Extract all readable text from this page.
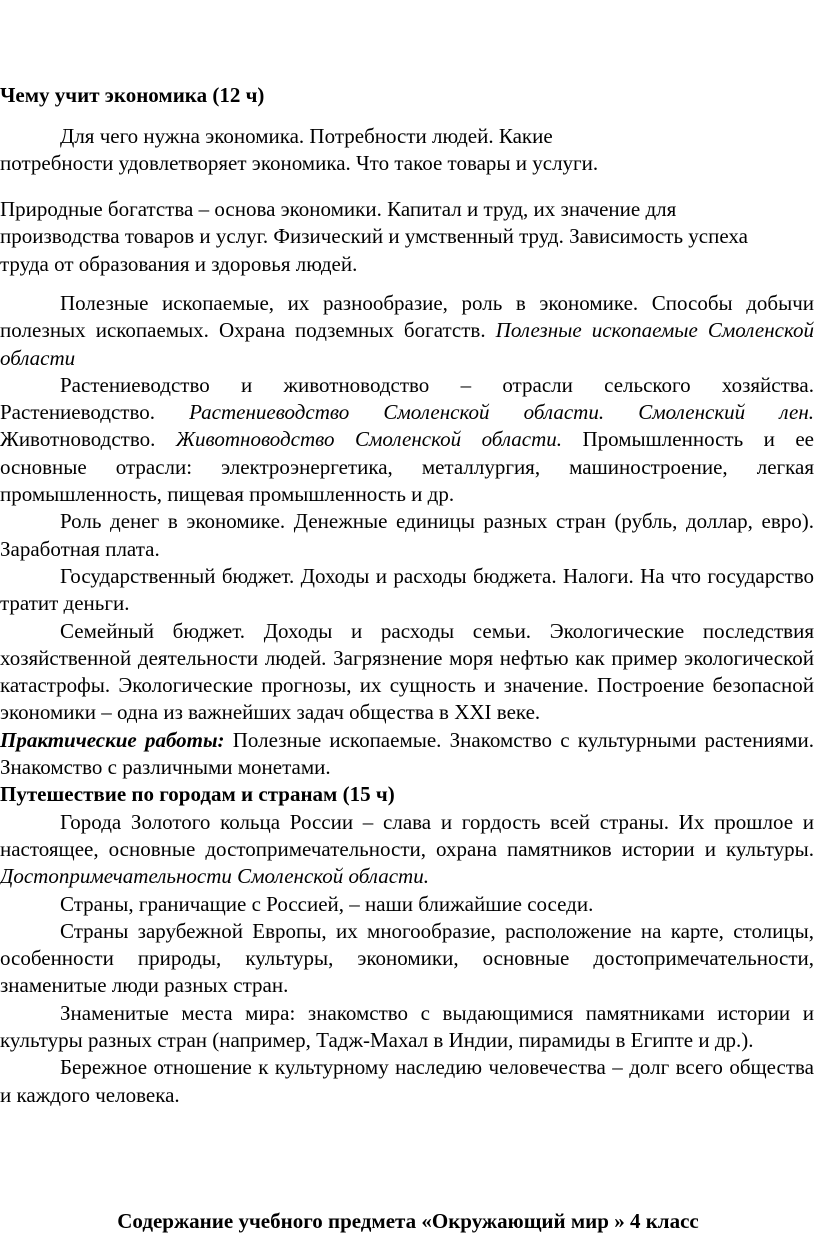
Чему учит экономика (12 ч)
Для чего нужна экономика. Потребности людей. Какие
потребности удовлетворяет экономика. Что такое товары и услуги.
Природные богатства – основа экономики. Капитал и труд, их значение для производства товаров и услуг. Физический и умственный труд. Зависимость успеха труда от образования и здоровья людей.

Полезные ископаемые, их разнообразие, роль в экономике. Способы добычи полезных ископаемых. Охрана подземных богатств. Полезные ископаемые Смоленской области

Растениеводство и животноводство – отрасли сельского хозяйства. Растениеводство. Растениеводство Смоленской области. Смоленский лен. Животноводство. Животноводство Смоленской области. Промышленность и ее основные отрасли: электроэнергетика, металлургия, машиностроение, легкая промышленность, пищевая промышленность и др.

Роль денег в экономике. Денежные единицы разных стран (рубль, доллар, евро). Заработная плата.

Государственный бюджет. Доходы и расходы бюджета. Налоги. На что государство тратит деньги.

Семейный бюджет. Доходы и расходы семьи. Экологические последствия хозяйственной деятельности людей. Загрязнение моря нефтью как пример экологической катастрофы. Экологические прогнозы, их сущность и значение. Построение безопасной экономики – одна из важнейших задач общества в XXI веке.

Практические работы: Полезные ископаемые. Знакомство с культурными растениями. Знакомство с различными монетами.

Путешествие по городам и странам (15 ч)

Города Золотого кольца России – слава и гордость всей страны. Их прошлое и настоящее, основные достопримечательности, охрана памятников истории и культуры. Достопримечательности Смоленской области.

Страны, граничащие с Россией, – наши ближайшие соседи.

Страны зарубежной Европы, их многообразие, расположение на карте, столицы, особенности природы, культуры, экономики, основные достопримечательности, знаменитые люди разных стран.

Знаменитые места мира: знакомство с выдающимися памятниками истории и культуры разных стран (например, Тадж-Махал в Индии, пирамиды в Египте и др.).

Бережное отношение к культурному наследию человечества – долг всего общества и каждого человека.

Содержание учебного предмета «Окружающий мир » 4 класс
